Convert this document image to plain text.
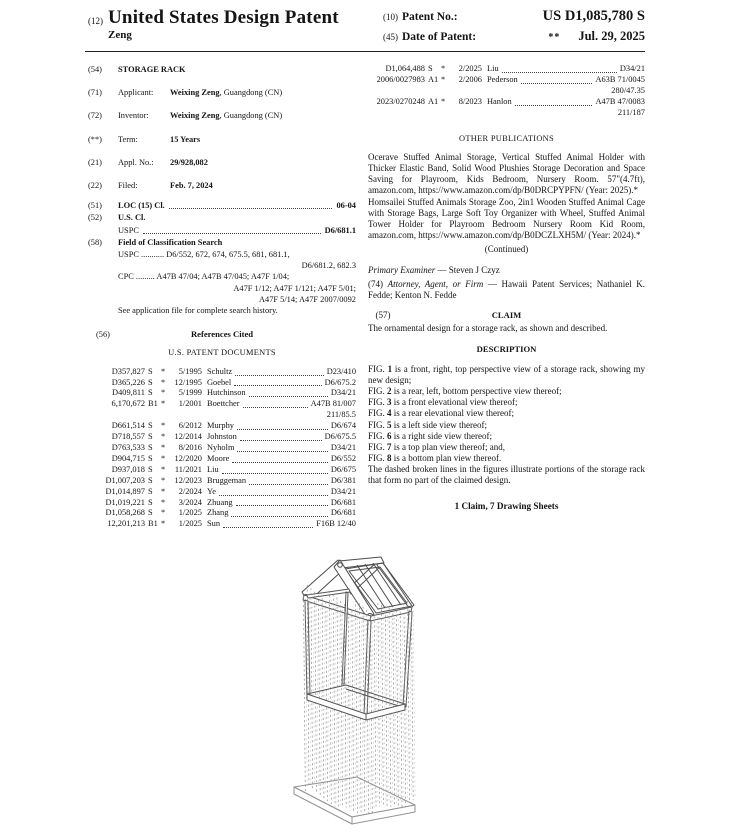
(12) United States Design Patent
Zeng
(10) Patent No.:	US D1,085,780 S
(45) Date of Patent:	** Jul. 29, 2025
(54)	STORAGE RACK
(71)	Applicant:	Weixing Zeng, Guangdong (CN)
(72)	Inventor:	Weixing Zeng, Guangdong (CN)
(**)	Term:	15 Years
(21)	Appl. No.:	29/928,082
(22)	Filed:	Feb. 7, 2024
(51)	LOC (15) Cl.	06-04
(52)	U.S. Cl.
USPC	D6/681.1
(58)	Field of Classification Search
USPC ........... D6/552, 672, 674, 675.5, 681, 681.1,
D6/681.2, 682.3
CPC ......... A47B 47/04; A47B 47/045; A47F 1/04;
A47F 1/12; A47F 1/121; A47F 5/01;
A47F 5/14; A47F 2007/0092
See application file for complete search history.
(56)	References Cited
U.S. PATENT DOCUMENTS
D357,827 S *	5/1995 Schultz	D23/410
D365,226 S *	12/1995 Goebel	D6/675.2
D409,811 S *	5/1999 Hutchinson	D34/21
6,170,672 B1 *	1/2001 Boettcher	A47B 81/007
211/85.5
D661,514 S *	6/2012 Murphy	D6/674
D718,557 S *	12/2014 Johnston	D6/675.5
D763,533 S *	8/2016 Nyholm	D34/21
D904,715 S *	12/2020 Moore	D6/552
D937,018 S *	11/2021 Liu	D6/675
D1,007,203 S *	12/2023 Bruggeman	D6/381
D1,014,897 S *	2/2024 Ye	D34/21
D1,019,221 S *	3/2024 Zhuang	D6/681
D1,058,268 S *	1/2025 Zhang	D6/681
12,201,213 B1 *	1/2025 Sun	F16B 12/40
D1,064,488 S *	2/2025 Liu	D34/21
2006/0027983 A1 *	2/2006 Pederson	A63B 71/0045
280/47.35
2023/0270248 A1 *	8/2023 Hanlon	A47B 47/0083
211/187
OTHER PUBLICATIONS

Ocerave Stuffed Animal Storage, Vertical Stuffed Animal Holder with Thicker Elastic Band, Solid Wood Plushies Storage Decoration and Space Saving for Playroom, Kids Bedroom, Nursery Room. 57"(4.7ft), amazon.com, https://www.amazon.com/dp/B0DRCPYPFN/ (Year: 2025).*

Homsailei Stuffed Animals Storage Zoo, 2in1 Wooden Stuffed Animal Cage with Storage Bags, Large Soft Toy Organizer with Wheel, Stuffed Animal Tower Holder for Playroom Bedroom Nursery Room Kid Room, amazon.com, https://www.amazon.com/dp/B0DCZLXH5M/ (Year: 2024).*

(Continued)

Primary Examiner — Steven J Czyz

(74) Attorney, Agent, or Firm — Hawaii Patent Services; Nathaniel K. Fedde; Kenton N. Fedde

(57)	CLAIM

The ornamental design for a storage rack, as shown and described.

DESCRIPTION

FIG. 1 is a front, right, top perspective view of a storage rack, showing my new design;

FIG. 2 is a rear, left, bottom perspective view thereof;

FIG. 3 is a front elevational view thereof;

FIG. 4 is a rear elevational view thereof;

FIG. 5 is a left side view thereof;

FIG. 6 is a right side view thereof;

FIG. 7 is a top plan view thereof; and,

FIG. 8 is a bottom plan view thereof.

The dashed broken lines in the figures illustrate portions of the storage rack that form no part of the claimed design.

1 Claim, 7 Drawing Sheets
